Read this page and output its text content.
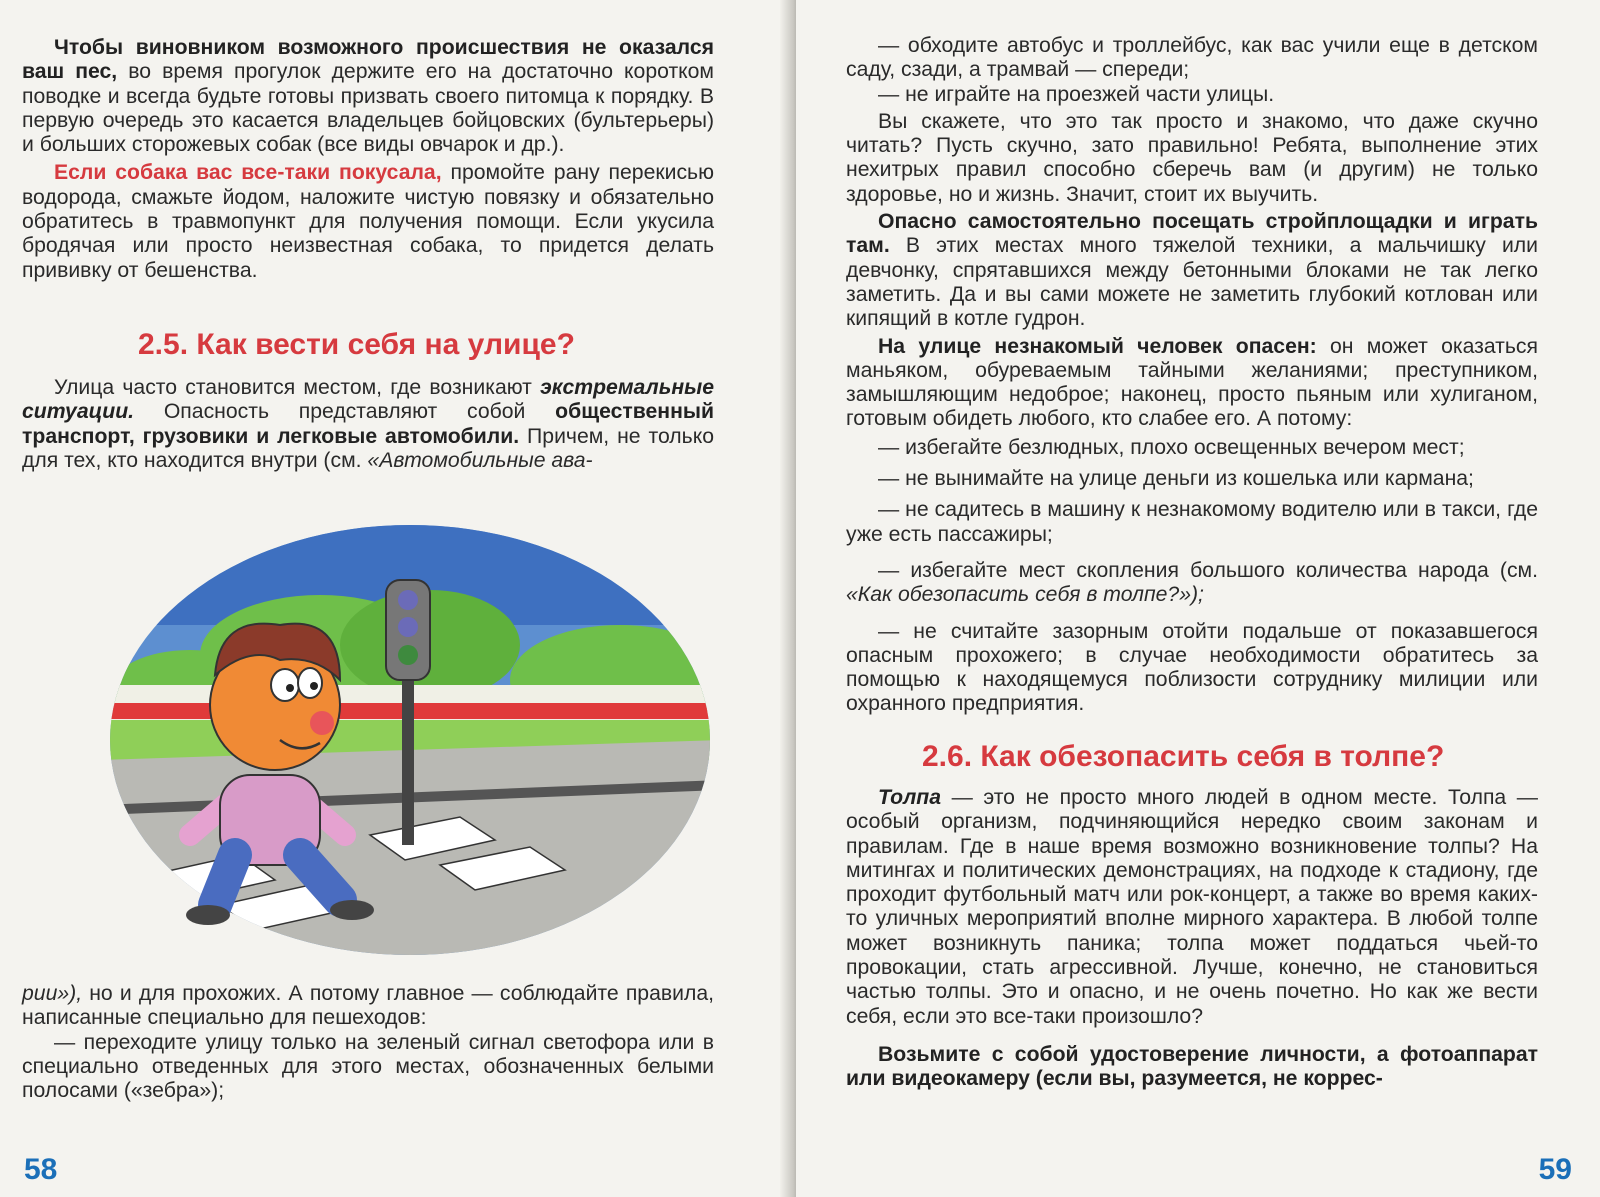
Чтобы виновником возможного происшествия не оказался ваш пес, во время прогулок держите его на достаточно коротком поводке и всегда будьте готовы призвать своего питомца к порядку. В первую очередь это касается владельцев бойцовских (бультерьеры) и больших сторожевых собак (все виды овчарок и др.).

Если собака вас все-таки покусала, промойте рану перекисью водорода, смажьте йодом, наложите чистую повязку и обязательно обратитесь в травмопункт для получения помощи. Если укусила бродячая или просто неизвестная собака, то придется делать прививку от бешенства.

2.5. Как вести себя на улице?

Улица часто становится местом, где возникают экстремальные ситуации. Опасность представляют собой общественный транспорт, грузовики и легковые автомобили. Причем, не только для тех, кто находится внутри (см. «Автомобильные ава-

рии»), но и для прохожих. А потому главное — соблюдайте правила, написанные специально для пешеходов:

— переходите улицу только на зеленый сигнал светофора или в специально отведенных для этого местах, обозначенных белыми полосами («зебра»);

58

— обходите автобус и троллейбус, как вас учили еще в детском саду, сзади, а трамвай — спереди;

— не играйте на проезжей части улицы.

Вы скажете, что это так просто и знакомо, что даже скучно читать? Пусть скучно, зато правильно! Ребята, выполнение этих нехитрых правил способно сберечь вам (и другим) не только здоровье, но и жизнь. Значит, стоит их выучить.

Опасно самостоятельно посещать стройплощадки и играть там. В этих местах много тяжелой техники, а мальчишку или девчонку, спрятавшихся между бетонными блоками не так легко заметить. Да и вы сами можете не заметить глубокий котлован или кипящий в котле гудрон.

На улице незнакомый человек опасен: он может оказаться маньяком, обуреваемым тайными желаниями; преступником, замышляющим недоброе; наконец, просто пьяным или хулиганом, готовым обидеть любого, кто слабее его. А потому:

— избегайте безлюдных, плохо освещенных вечером мест;

— не вынимайте на улице деньги из кошелька или кармана;

— не садитесь в машину к незнакомому водителю или в такси, где уже есть пассажиры;

— избегайте мест скопления большого количества народа (см. «Как обезопасить себя в толпе?»);

— не считайте зазорным отойти подальше от показавшегося опасным прохожего; в случае необходимости обратитесь за помощью к находящемуся поблизости сотруднику милиции или охранного предприятия.

2.6. Как обезопасить себя в толпе?

Толпа — это не просто много людей в одном месте. Толпа — особый организм, подчиняющийся нередко своим законам и правилам. Где в наше время возможно возникновение толпы? На митингах и политических демонстрациях, на подходе к стадиону, где проходит футбольный матч или рок-концерт, а также во время каких-то уличных мероприятий вполне мирного характера. В любой толпе может возникнуть паника; толпа может поддаться чьей-то провокации, стать агрессивной. Лучше, конечно, не становиться частью толпы. Это и опасно, и не очень почетно. Но как же вести себя, если это все-таки произошло?

Возьмите с собой удостоверение личности, а фотоаппарат или видеокамеру (если вы, разумеется, не коррес-

59
